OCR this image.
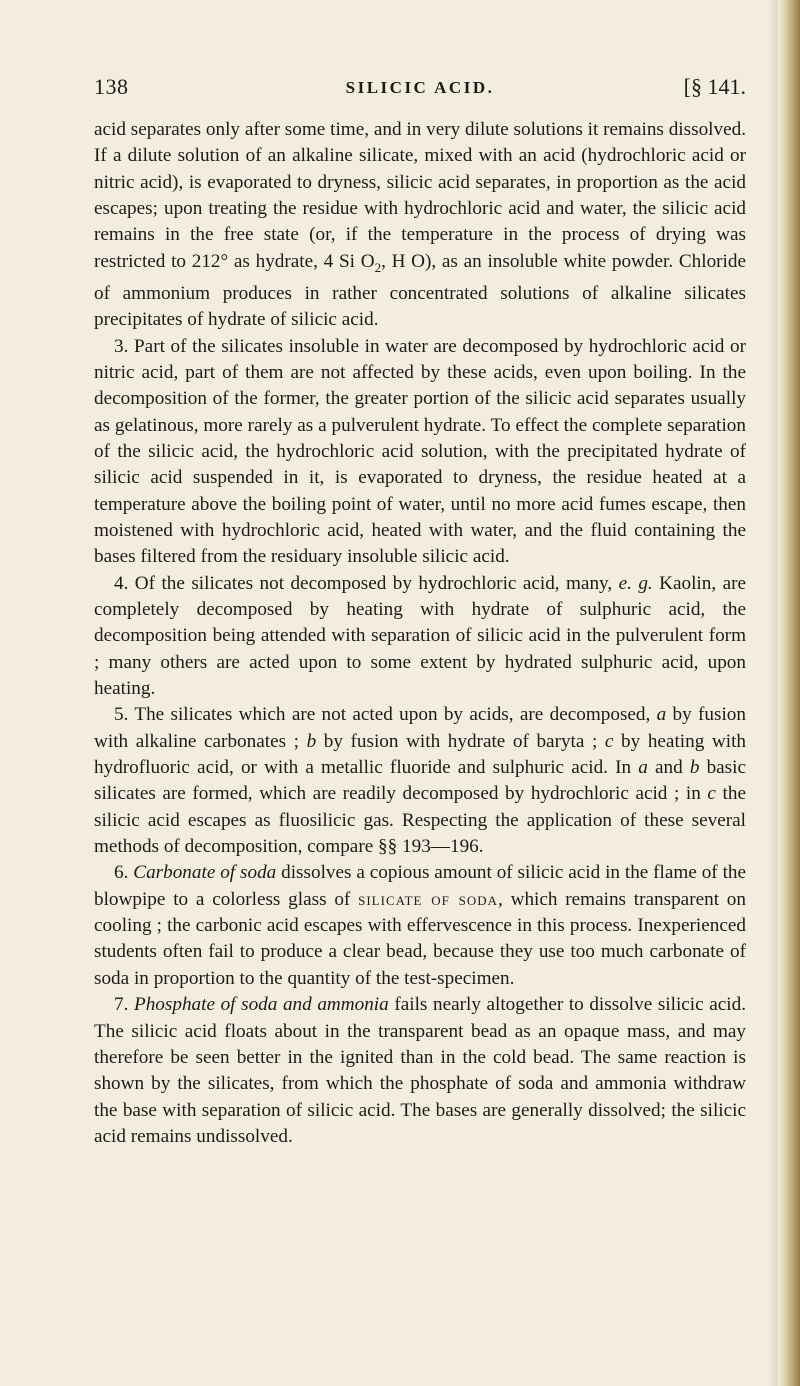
138	SILICIC ACID.	[§ 141.

acid separates only after some time, and in very dilute solutions it remains dissolved. If a dilute solution of an alkaline silicate, mixed with an acid (hydrochloric acid or nitric acid), is evaporated to dryness, silicic acid separates, in proportion as the acid escapes; upon treating the residue with hydrochloric acid and water, the silicic acid remains in the free state (or, if the temperature in the process of drying was restricted to 212° as hydrate, 4 Si $O_2$, H O), as an insoluble white powder. Chloride of ammonium produces in rather concentrated solutions of alkaline silicates precipitates of hydrate of silicic acid.

3. Part of the silicates insoluble in water are decomposed by hydrochloric acid or nitric acid, part of them are not affected by these acids, even upon boiling. In the decomposition of the former, the greater portion of the silicic acid separates usually as gelatinous, more rarely as a pulverulent hydrate. To effect the complete separation of the silicic acid, the hydrochloric acid solution, with the precipitated hydrate of silicic acid suspended in it, is evaporated to dryness, the residue heated at a temperature above the boiling point of water, until no more acid fumes escape, then moistened with hydrochloric acid, heated with water, and the fluid containing the bases filtered from the residuary insoluble silicic acid.

4. Of the silicates not decomposed by hydrochloric acid, many, e. g. Kaolin, are completely decomposed by heating with hydrate of sulphuric acid, the decomposition being attended with separation of silicic acid in the pulverulent form ; many others are acted upon to some extent by hydrated sulphuric acid, upon heating.

5. The silicates which are not acted upon by acids, are decomposed, a by fusion with alkaline carbonates ; b by fusion with hydrate of baryta ; c by heating with hydrofluoric acid, or with a metallic fluoride and sulphuric acid. In a and b basic silicates are formed, which are readily decomposed by hydrochloric acid ; in c the silicic acid escapes as fluosilicic gas. Respecting the application of these several methods of decomposition, compare §§ 193—196.

6. Carbonate of soda dissolves a copious amount of silicic acid in the flame of the blowpipe to a colorless glass of silicate of soda, which remains transparent on cooling ; the carbonic acid escapes with effervescence in this process. Inexperienced students often fail to produce a clear bead, because they use too much carbonate of soda in proportion to the quantity of the test-specimen.

7. Phosphate of soda and ammonia fails nearly altogether to dissolve silicic acid. The silicic acid floats about in the transparent bead as an opaque mass, and may therefore be seen better in the ignited than in the cold bead. The same reaction is shown by the silicates, from which the phosphate of soda and ammonia withdraw the base with separation of silicic acid. The bases are generally dissolved; the silicic acid remains undissolved.
